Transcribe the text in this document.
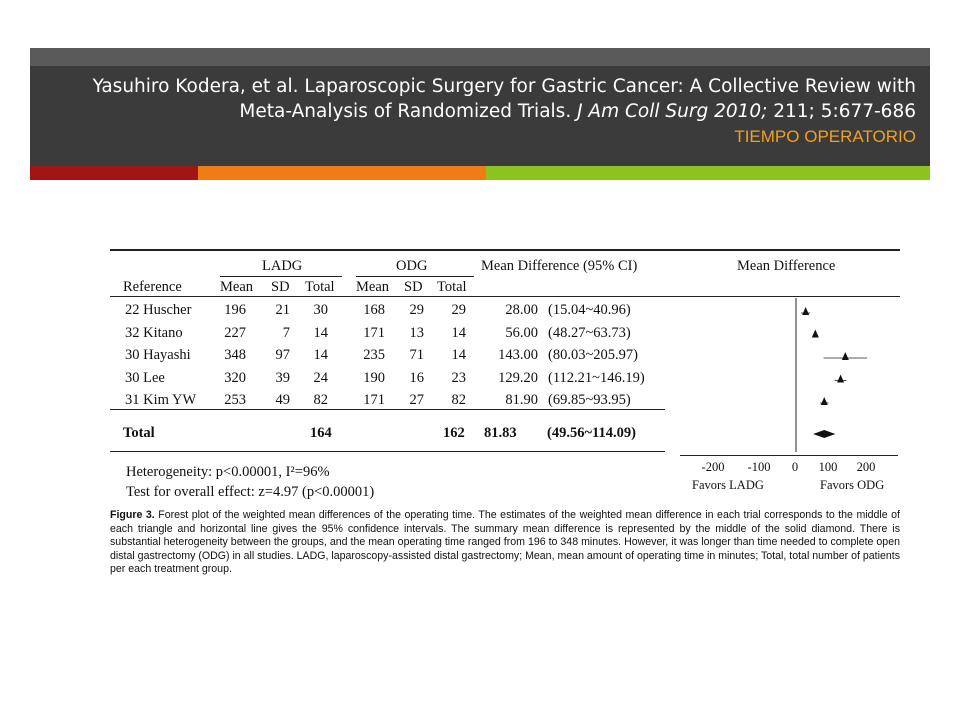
Yasuhiro Kodera, et al. Laparoscopic Surgery for Gastric Cancer: A Collective Review with
Meta-Analysis of Randomized Trials. J Am Coll Surg 2010; 211; 5:677-686
TIEMPO OPERATORIO
LADG	ODG	Mean Difference (95% CI)	Mean Difference
Reference	Mean SD Total Mean SD Total
22 Huscher 196 21 30 168 29 29	28.00 (15.04~40.96)
32 Kitano	227	7 14 171 13 14	56.00 (48.27~63.73)
30 Hayashi 348 97 14 235 71 14 143.00 (80.03~205.97)
30 Lee	320 39 24 190 16 23 129.20 (112.21~146.19)
31 Kim YW 253 49 82 171 27 82	81.90 (69.85~93.95)
Total	164	162 81.83 (49.56~114.09)
Heterogeneity: p<0.00001, I²=96%
Test for overall effect: z=4.97 (p<0.00001)	Favors LADG	Favors ODG
-200 -100	0	100	200
Figure 3. Forest plot of the weighted mean differences of the operating time. The estimates of the weighted mean difference in each trial corresponds to the middle of each triangle and horizontal line gives the 95% confidence intervals. The summary mean difference is represented by the middle of the solid diamond. There is substantial heterogeneity between the groups, and the mean operating time ranged from 196 to 348 minutes. However, it was longer than time needed to complete open distal gastrectomy (ODG) in all studies. LADG, laparoscopy-assisted distal gastrectomy; Mean, mean amount of operating time in minutes; Total, total number of patients per each treatment group.
